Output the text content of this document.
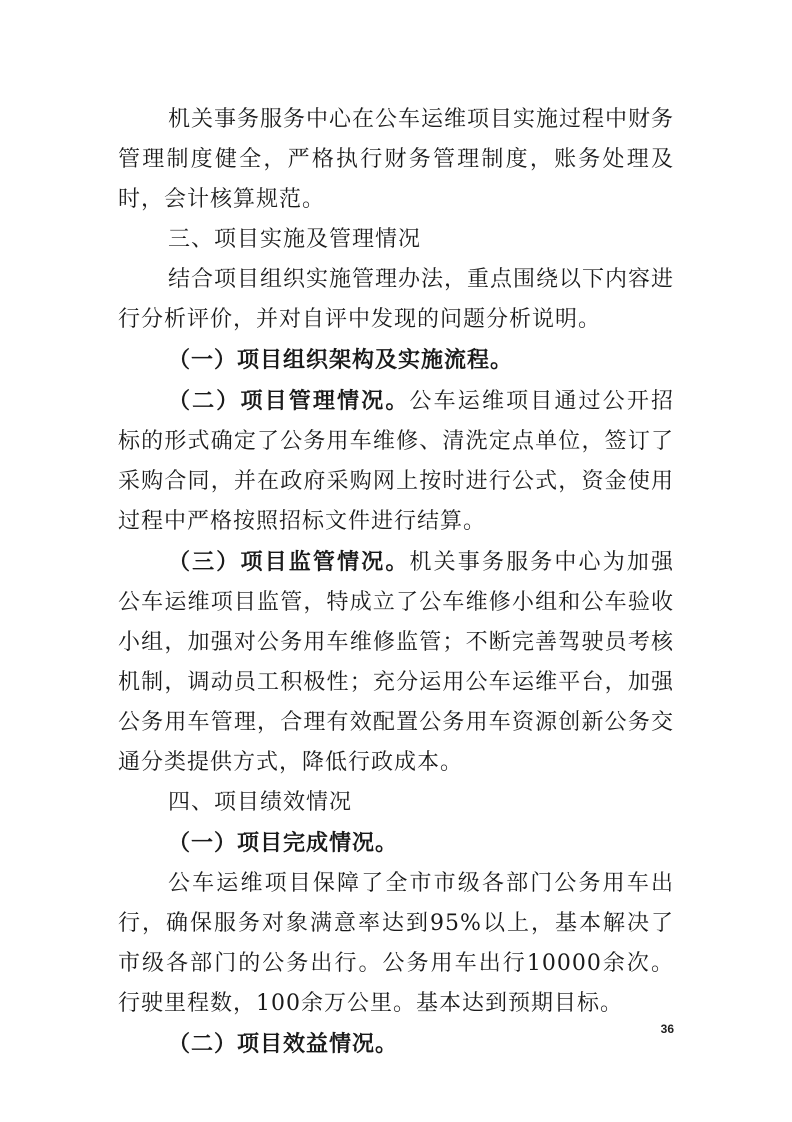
机关事务服务中心在公车运维项目实施过程中财务管理制度健全，严格执行财务管理制度，账务处理及时，会计核算规范。

三、项目实施及管理情况

结合项目组织实施管理办法，重点围绕以下内容进行分析评价，并对自评中发现的问题分析说明。

（一）项目组织架构及实施流程。

（二）项目管理情况。公车运维项目通过公开招标的形式确定了公务用车维修、清洗定点单位，签订了采购合同，并在政府采购网上按时进行公式，资金使用过程中严格按照招标文件进行结算。

（三）项目监管情况。机关事务服务中心为加强公车运维项目监管，特成立了公车维修小组和公车验收小组，加强对公务用车维修监管；不断完善驾驶员考核机制，调动员工积极性；充分运用公车运维平台，加强公务用车管理，合理有效配置公务用车资源创新公务交通分类提供方式，降低行政成本。

四、项目绩效情况

（一）项目完成情况。

公车运维项目保障了全市市级各部门公务用车出行，确保服务对象满意率达到95%以上，基本解决了市级各部门的公务出行。公务用车出行10000余次。行驶里程数，100余万公里。基本达到预期目标。

（二）项目效益情况。

36
